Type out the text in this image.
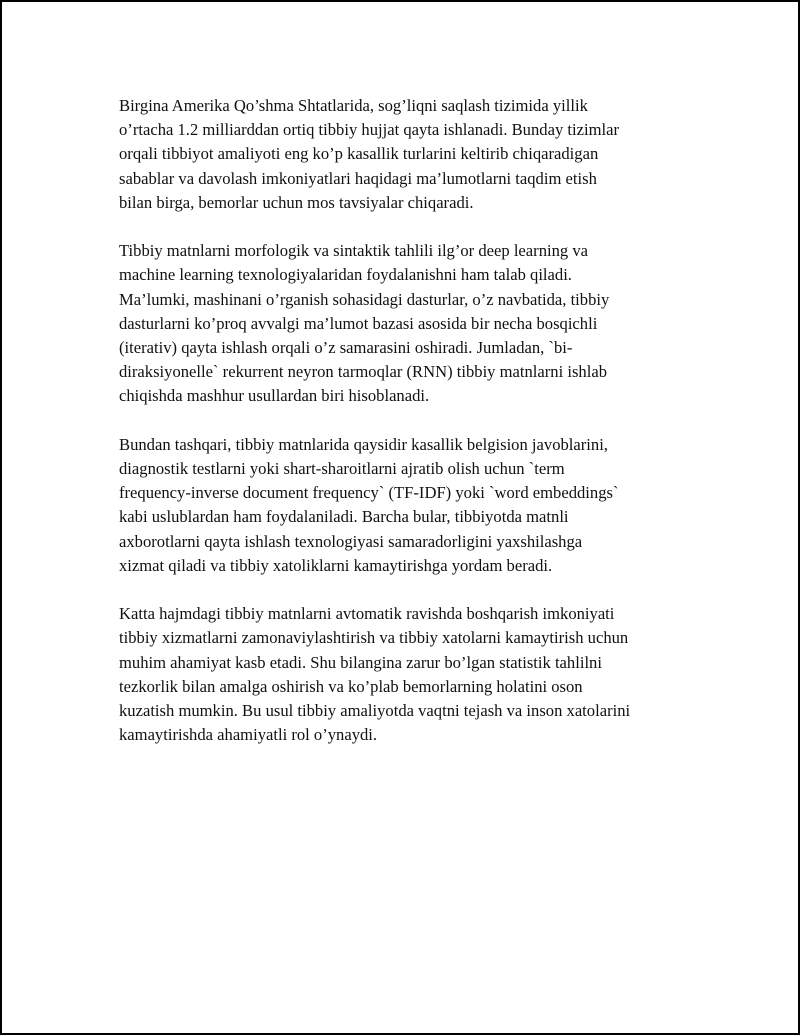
Birgina Amerika Qo’shma Shtatlarida, sog’liqni saqlash tizimida yillik
o’rtacha 1.2 milliarddan ortiq tibbiy hujjat qayta ishlanadi. Bunday tizimlar
orqali tibbiyot amaliyoti eng ko’p kasallik turlarini keltirib chiqaradigan
sabablar va davolash imkoniyatlari haqidagi ma’lumotlarni taqdim etish
bilan birga, bemorlar uchun mos tavsiyalar chiqaradi.

Tibbiy matnlarni morfologik va sintaktik tahlili ilg’or deep learning va
machine learning texnologiyalaridan foydalanishni ham talab qiladi.
Ma’lumki, mashinani o’rganish sohasidagi dasturlar, o’z navbatida, tibbiy
dasturlarni ko’proq avvalgi ma’lumot bazasi asosida bir necha bosqichli
(iterativ) qayta ishlash orqali o’z samarasini oshiradi. Jumladan, `bi-
diraksiyonelle` rekurrent neyron tarmoqlar (RNN) tibbiy matnlarni ishlab
chiqishda mashhur usullardan biri hisoblanadi.

Bundan tashqari, tibbiy matnlarida qaysidir kasallik belgision javoblarini,
diagnostik testlarni yoki shart-sharoitlarni ajratib olish uchun `term
frequency-inverse document frequency` (TF-IDF) yoki `word embeddings`
kabi uslublardan ham foydalaniladi. Barcha bular, tibbiyotda matnli
axborotlarni qayta ishlash texnologiyasi samaradorligini yaxshilashga
xizmat qiladi va tibbiy xatoliklarni kamaytirishga yordam beradi.

Katta hajmdagi tibbiy matnlarni avtomatik ravishda boshqarish imkoniyati
tibbiy xizmatlarni zamonaviylashtirish va tibbiy xatolarni kamaytirish uchun
muhim ahamiyat kasb etadi. Shu bilangina zarur bo’lgan statistik tahlilni
tezkorlik bilan amalga oshirish va ko’plab bemorlarning holatini oson
kuzatish mumkin. Bu usul tibbiy amaliyotda vaqtni tejash va inson xatolarini
kamaytirishda ahamiyatli rol o’ynaydi.
